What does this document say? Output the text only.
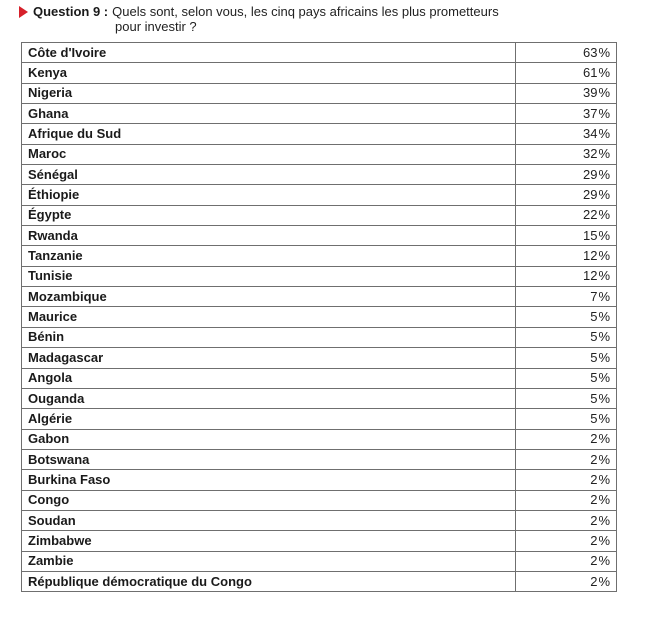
Question 9 : Quels sont, selon vous, les cinq pays africains les plus prometteurs
pour investir ?
Côte d'Ivoire	63%
Kenya	61%
Nigeria	39%
Ghana	37%
Afrique du Sud	34%
Maroc	32%
Sénégal	29%
Éthiopie	29%
Égypte	22%
Rwanda	15%
Tanzanie	12%
Tunisie	12%
Mozambique	7%
Maurice	5%
Bénin	5%
Madagascar	5%
Angola	5%
Ouganda	5%
Algérie	5%
Gabon	2%
Botswana	2%
Burkina Faso	2%
Congo	2%
Soudan	2%
Zimbabwe	2%
Zambie	2%
République démocratique du Congo	2%
